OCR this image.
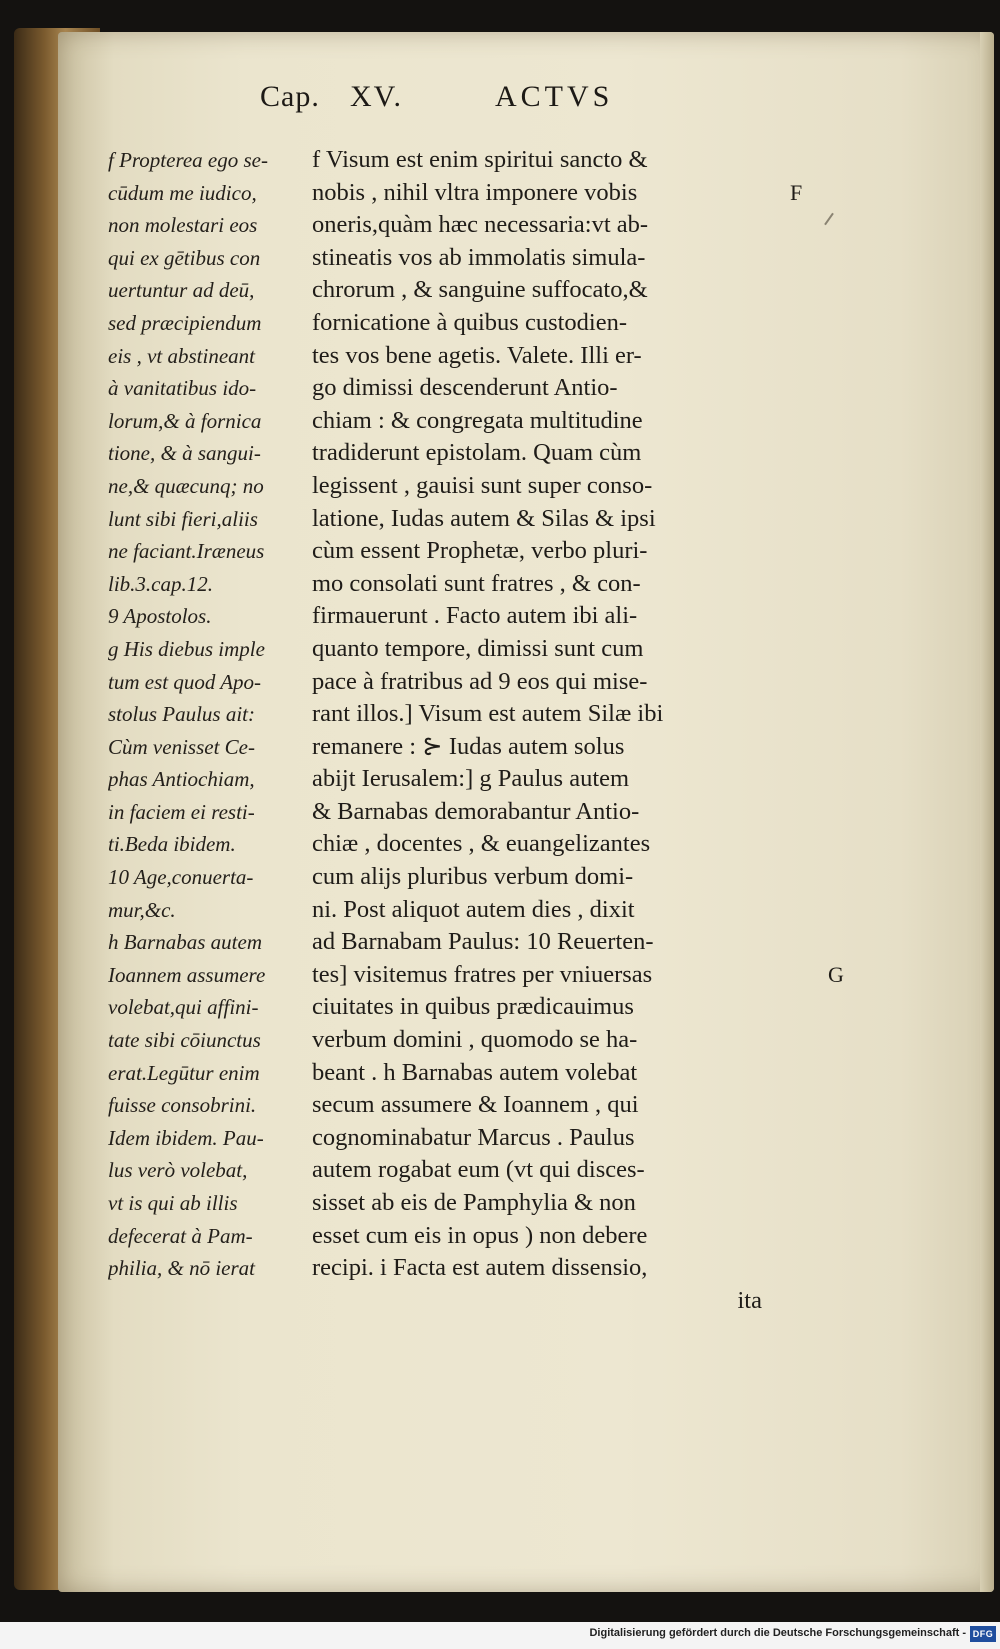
Cap. XV.	ACTVS
f Propterea ego se-
cūdum me iudico,
non molestari eos
qui ex gētibus con
uertuntur ad deū,
sed præcipiendum
eis , vt abstineant
à vanitatibus ido-
lorum,& à fornica
tione, & à sangui-
ne,& quæcunq; no
lunt sibi fieri,aliis
ne faciant.Iræneus
lib.3.cap.12.
9 Apostolos.
g His diebus imple
tum est quod Apo-
stolus Paulus ait:
Cùm venisset Ce-
phas Antiochiam,
in faciem ei resti-
ti.Beda ibidem.
10 Age,conuerta-
mur,&c.
h Barnabas autem
Ioannem assumere
volebat,qui affini-
tate sibi cōiunctus
erat.Legūtur enim
fuisse consobrini.
Idem ibidem. Pau-
lus verò volebat,
vt is qui ab illis
defecerat à Pam-
philia, & nō ierat
f Visum est enim spiritui sancto &
nobis , nihil vltra imponere vobis
oneris,quàm hæc necessaria:vt ab-
stineatis vos ab immolatis simula-
chrorum , & sanguine suffocato,&
fornicatione à quibus custodien-
tes vos bene agetis. Valete. Illi er-
go dimissi descenderunt Antio-
chiam : & congregata multitudine
tradiderunt epistolam. Quam cùm
legissent , gauisi sunt super conso-
latione, Iudas autem & Silas & ipsi
cùm essent Prophetæ, verbo pluri-
mo consolati sunt fratres , & con-
firmauerunt . Facto autem ibi ali-
quanto tempore, dimissi sunt cum
pace à fratribus ad 9 eos qui mise-
rant illos.] Visum est autem Silæ ibi
remanere : ⊱ Iudas autem solus
abijt Ierusalem:] g Paulus autem
& Barnabas demorabantur Antio-
chiæ , docentes , & euangelizantes
cum alijs pluribus verbum domi-
ni. Post aliquot autem dies , dixit
ad Barnabam Paulus: 10 Reuerten-
tes] visitemus fratres per vniuersas
ciuitates in quibus prædicauimus
verbum domini , quomodo se ha-
beant . h Barnabas autem volebat
secum assumere & Ioannem , qui
cognominabatur Marcus . Paulus
autem rogabat eum (vt qui disces-
sisset ab eis de Pamphylia & non
esset cum eis in opus ) non debere
recipi. i Facta est autem dissensio,
ita
F
G
Digitalisierung gefördert durch die Deutsche Forschungsgemeinschaft - DFG
